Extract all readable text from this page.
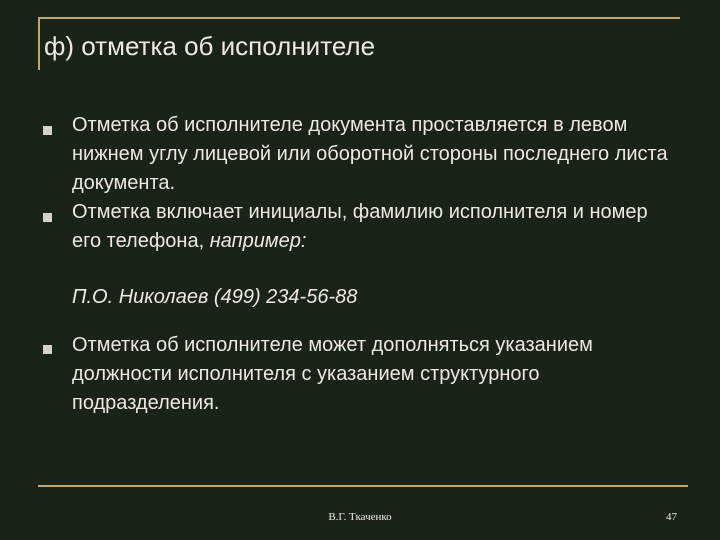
ф) отметка об исполнителе

Отметка об исполнителе документа проставляется в левом нижнем углу лицевой или оборотной стороны последнего листа документа.

Отметка включает инициалы, фамилию исполнителя и номер его телефона, например:

П.О. Николаев (499) 234-56-88

Отметка об исполнителе может дополняться указанием должности исполнителя с указанием структурного подразделения.

В.Г. Ткаченко	47
